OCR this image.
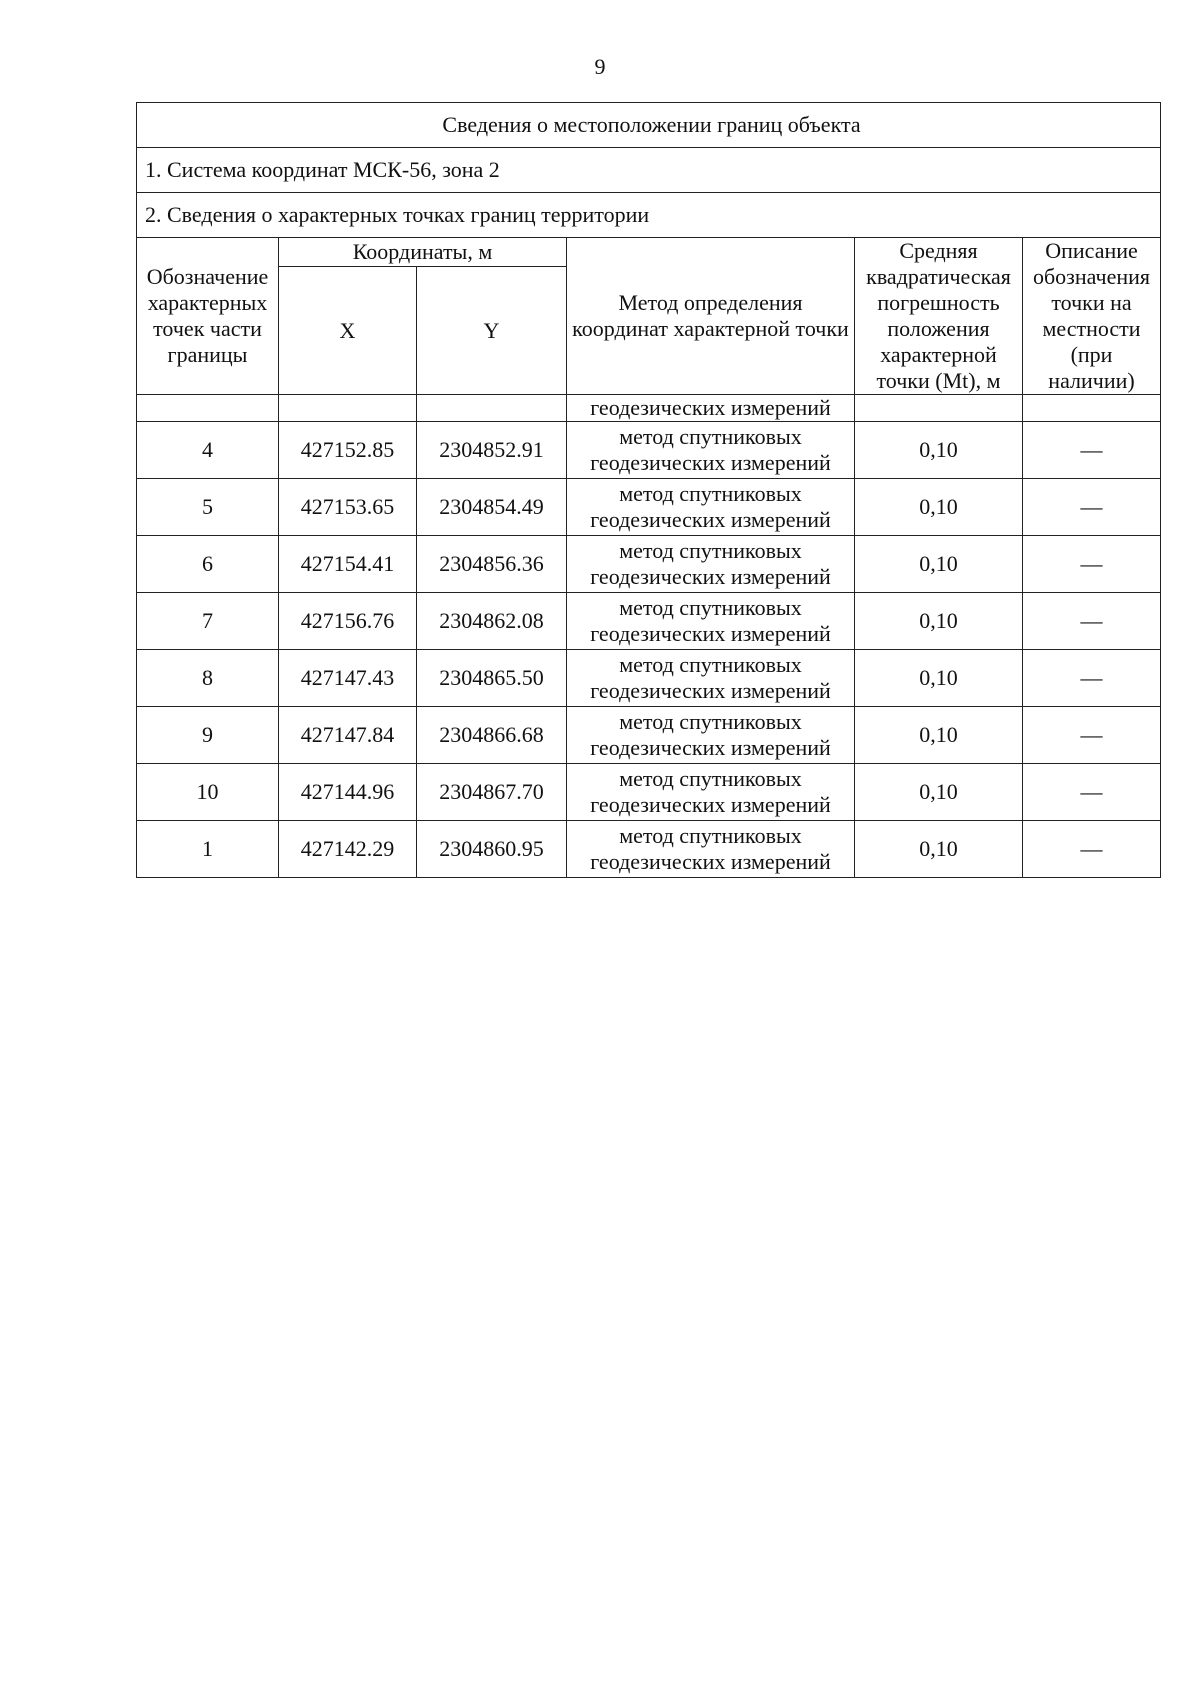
9
Сведения о местоположении границ объекта					
1. Система координат МСК-56, зона 2					
2. Сведения о характерных точках границ территории					
Обозначение характерных точек части границы	Координаты, м		Метод определения координат характерной точки	Средняя квадратическая погрешность положения характерной точки (Mt), м	Описание обозначения точки на местности (при наличии)
	X	Y			
			геодезических измерений		
4	427152.85	2304852.91	метод спутниковых геодезических измерений	0,10	—
5	427153.65	2304854.49	метод спутниковых геодезических измерений	0,10	—
6	427154.41	2304856.36	метод спутниковых геодезических измерений	0,10	—
7	427156.76	2304862.08	метод спутниковых геодезических измерений	0,10	—
8	427147.43	2304865.50	метод спутниковых геодезических измерений	0,10	—
9	427147.84	2304866.68	метод спутниковых геодезических измерений	0,10	—
10	427144.96	2304867.70	метод спутниковых геодезических измерений	0,10	—
1	427142.29	2304860.95	метод спутниковых геодезических измерений	0,10	—
